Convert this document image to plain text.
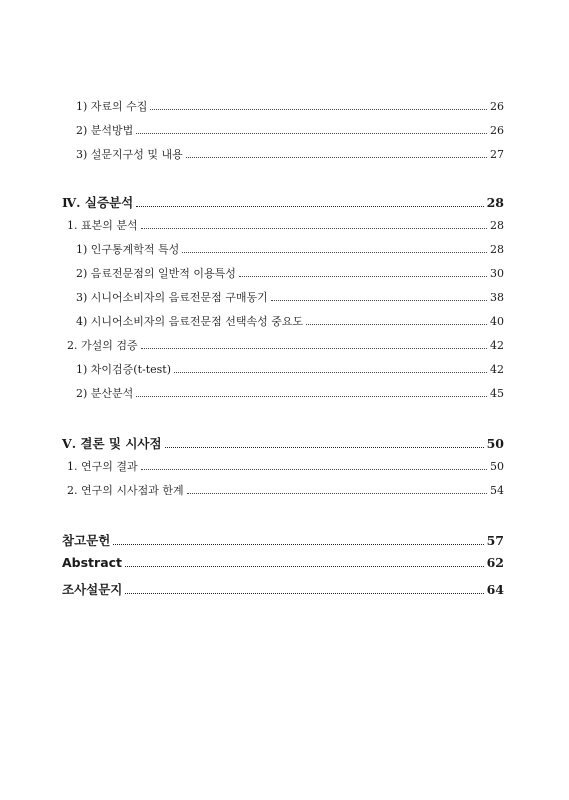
1) 자료의 수집	26
2) 분석방법	26
3) 설문지구성 및 내용	27
Ⅳ. 실증분석	28
1. 표본의 분석	28
1) 인구통계학적 특성	28
2) 음료전문점의 일반적 이용특성	30
3) 시니어소비자의 음료전문점 구매동기	38
4) 시니어소비자의 음료전문점 선택속성 중요도	40
2. 가설의 검증	42
1) 차이검증(t-test)	42
2) 분산분석	45
Ⅴ. 결론 및 시사점	50
1. 연구의 결과	50
2. 연구의 시사점과 한계	54
참고문헌	57
Abstract	62
조사설문지	64
